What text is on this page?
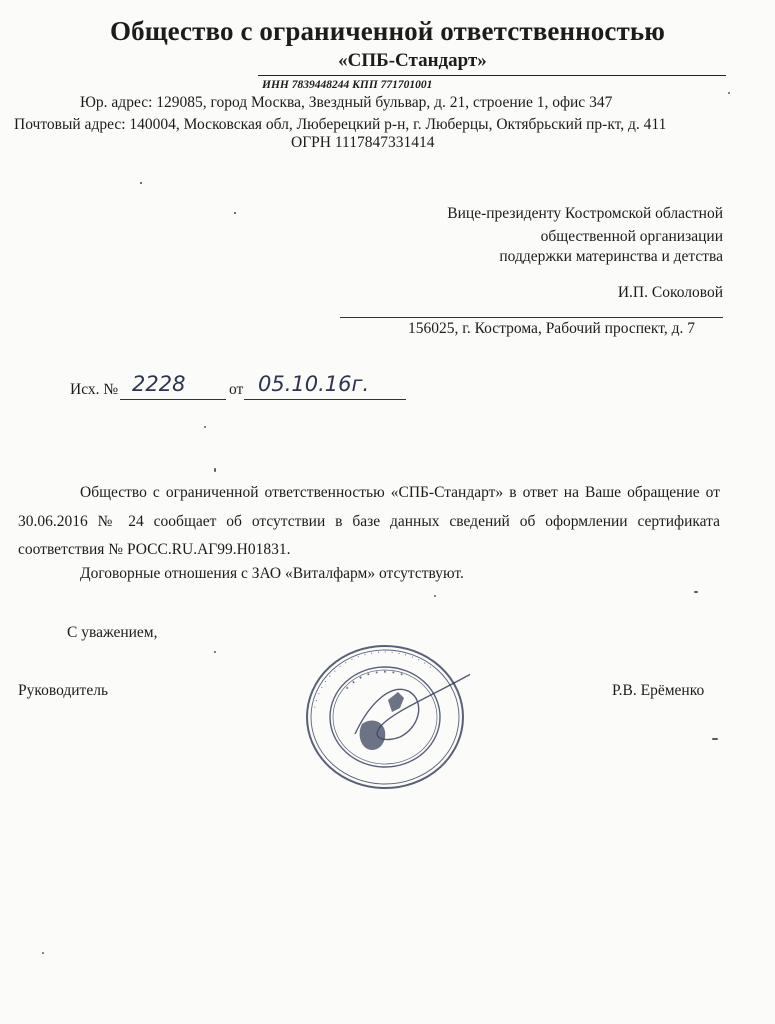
Общество с ограниченной ответственностью
«СПБ-Стандарт»
ИНН 7839448244 КПП 771701001
Юр. адрес: 129085, город Москва, Звездный бульвар, д. 21, строение 1, офис 347
Почтовый адрес: 140004, Московская обл, Люберецкий р-н, г. Люберцы, Октябрьский пр-кт, д. 411
ОГРН 1117847331414
Вице-президенту Костромской областной
общественной организации
поддержки материнства и детства
И.П. Соколовой
156025, г. Кострома, Рабочий проспект, д. 7
Исх. № 2228	от 05.10.16г.
Общество с ограниченной ответственностью «СПБ-Стандарт» в ответ на Ваше обращение от 30.06.2016 № 24 сообщает об отсутствии в базе данных сведений об оформлении сертификата соответствия № РОСС.RU.АГ99.Н01831.
Договорные отношения с ЗАО «Виталфарм» отсутствуют.
С уважением,
Руководитель	Р.В. Ерёменко
· · · · · · · · · · · · · · · · · · · · · ·
· · · · · · · ·
